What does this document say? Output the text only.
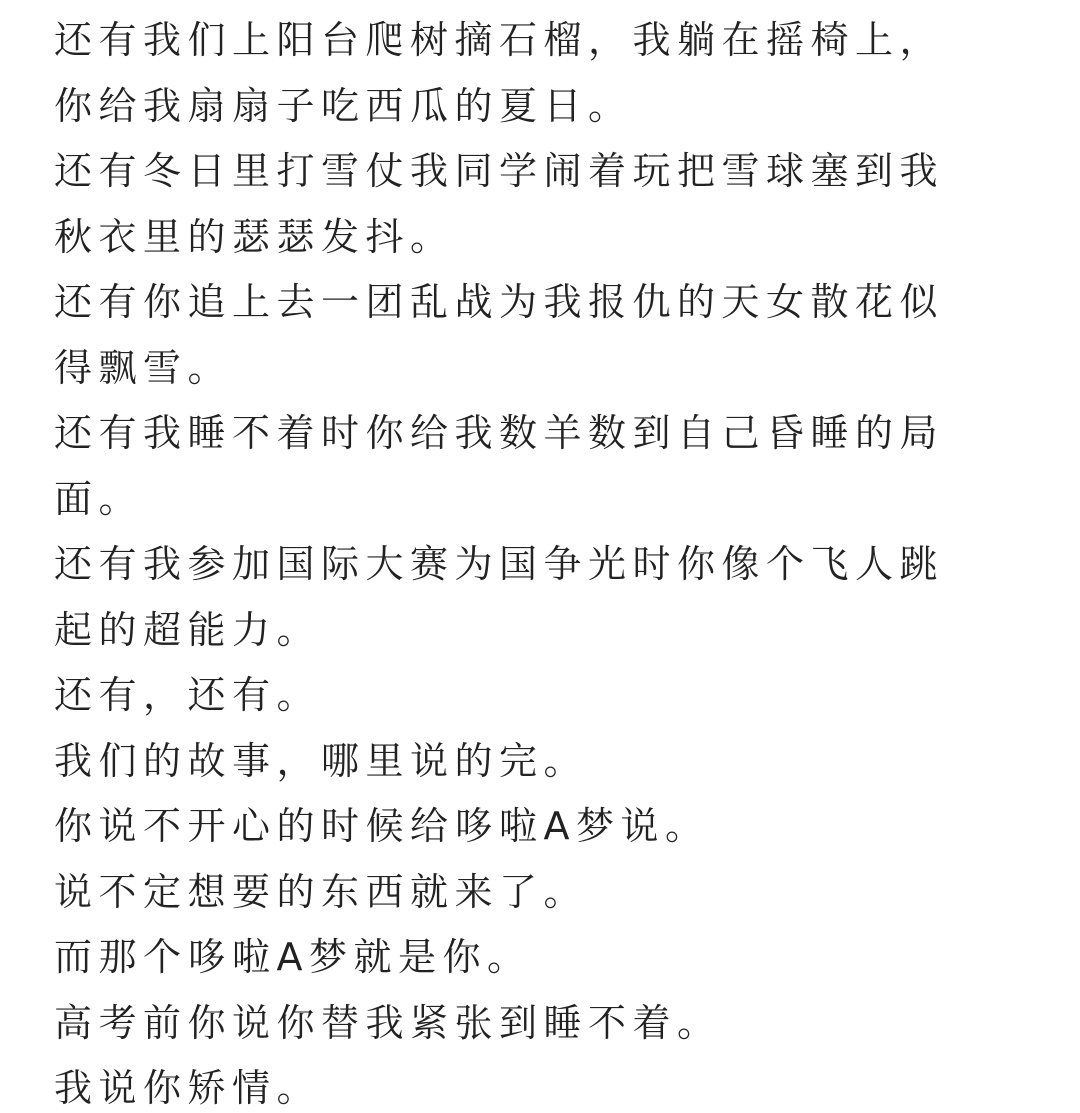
还有我们上阳台爬树摘石榴，我躺在摇椅上，
你给我扇扇子吃西瓜的夏日。
还有冬日里打雪仗我同学闹着玩把雪球塞到我
秋衣里的瑟瑟发抖。
还有你追上去一团乱战为我报仇的天女散花似
得飘雪。
还有我睡不着时你给我数羊数到自己昏睡的局
面。
还有我参加国际大赛为国争光时你像个飞人跳
起的超能力。
还有，还有。
我们的故事，哪里说的完。
你说不开心的时候给哆啦A梦说。
说不定想要的东西就来了。
而那个哆啦A梦就是你。
高考前你说你替我紧张到睡不着。
我说你矫情。
